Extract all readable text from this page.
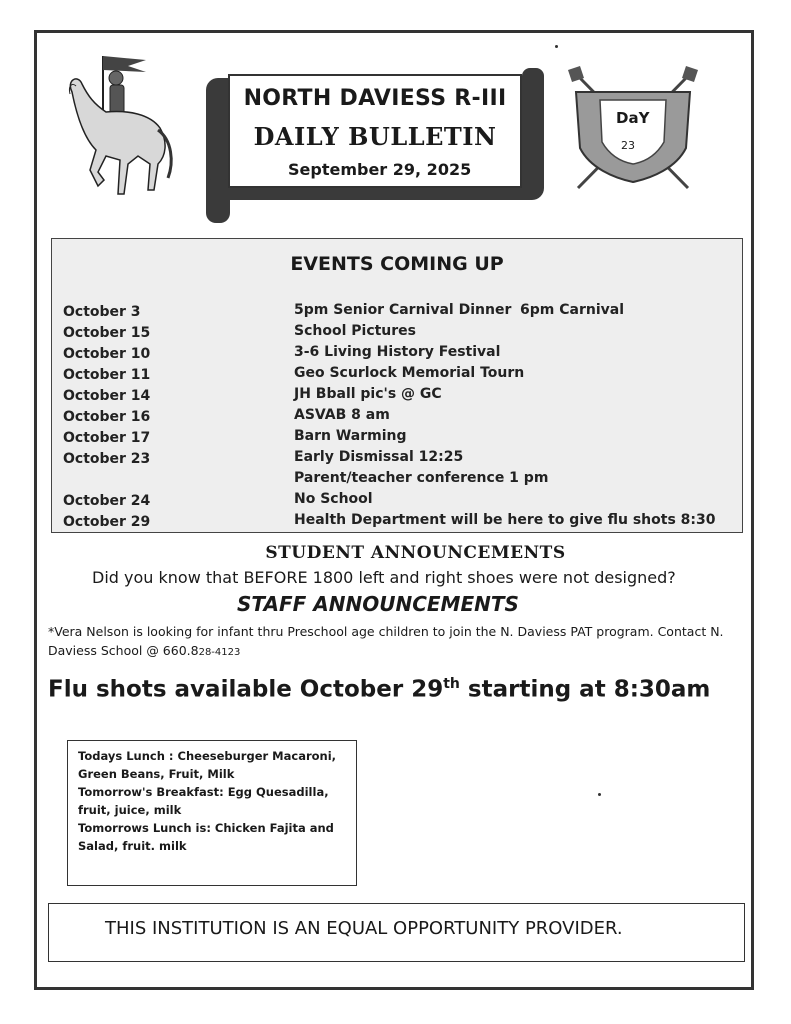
NORTH DAVIESS R-III
DAILY BULLETIN
September 29, 2025
DaY
23
EVENTS COMING UP
October 3	5pm Senior Carnival Dinner 6pm Carnival
October 15	School Pictures
October 10	3-6 Living History Festival
October 11	Geo Scurlock Memorial Tourn
October 14	JH Bball pic's @ GC
October 16	ASVAB 8 am
October 17	Barn Warming
October 23	Early Dismissal 12:25
Parent/teacher conference 1 pm
October 24	No School
October 29	Health Department will be here to give flu shots 8:30
STUDENT ANNOUNCEMENTS
Did you know that BEFORE 1800 left and right shoes were not designed?
STAFF ANNOUNCEMENTS
*Vera Nelson is looking for infant thru Preschool age children to join the N. Daviess PAT program. Contact N. Daviess School @ 660.828-4123
Flu shots available October 29th starting at 8:30am
Todays Lunch : Cheeseburger Macaroni, Green Beans, Fruit, Milk
Tomorrow's Breakfast: Egg Quesadilla, fruit, juice, milk
Tomorrows Lunch is: Chicken Fajita and Salad, fruit. milk
THIS INSTITUTION IS AN EQUAL OPPORTUNITY PROVIDER.
